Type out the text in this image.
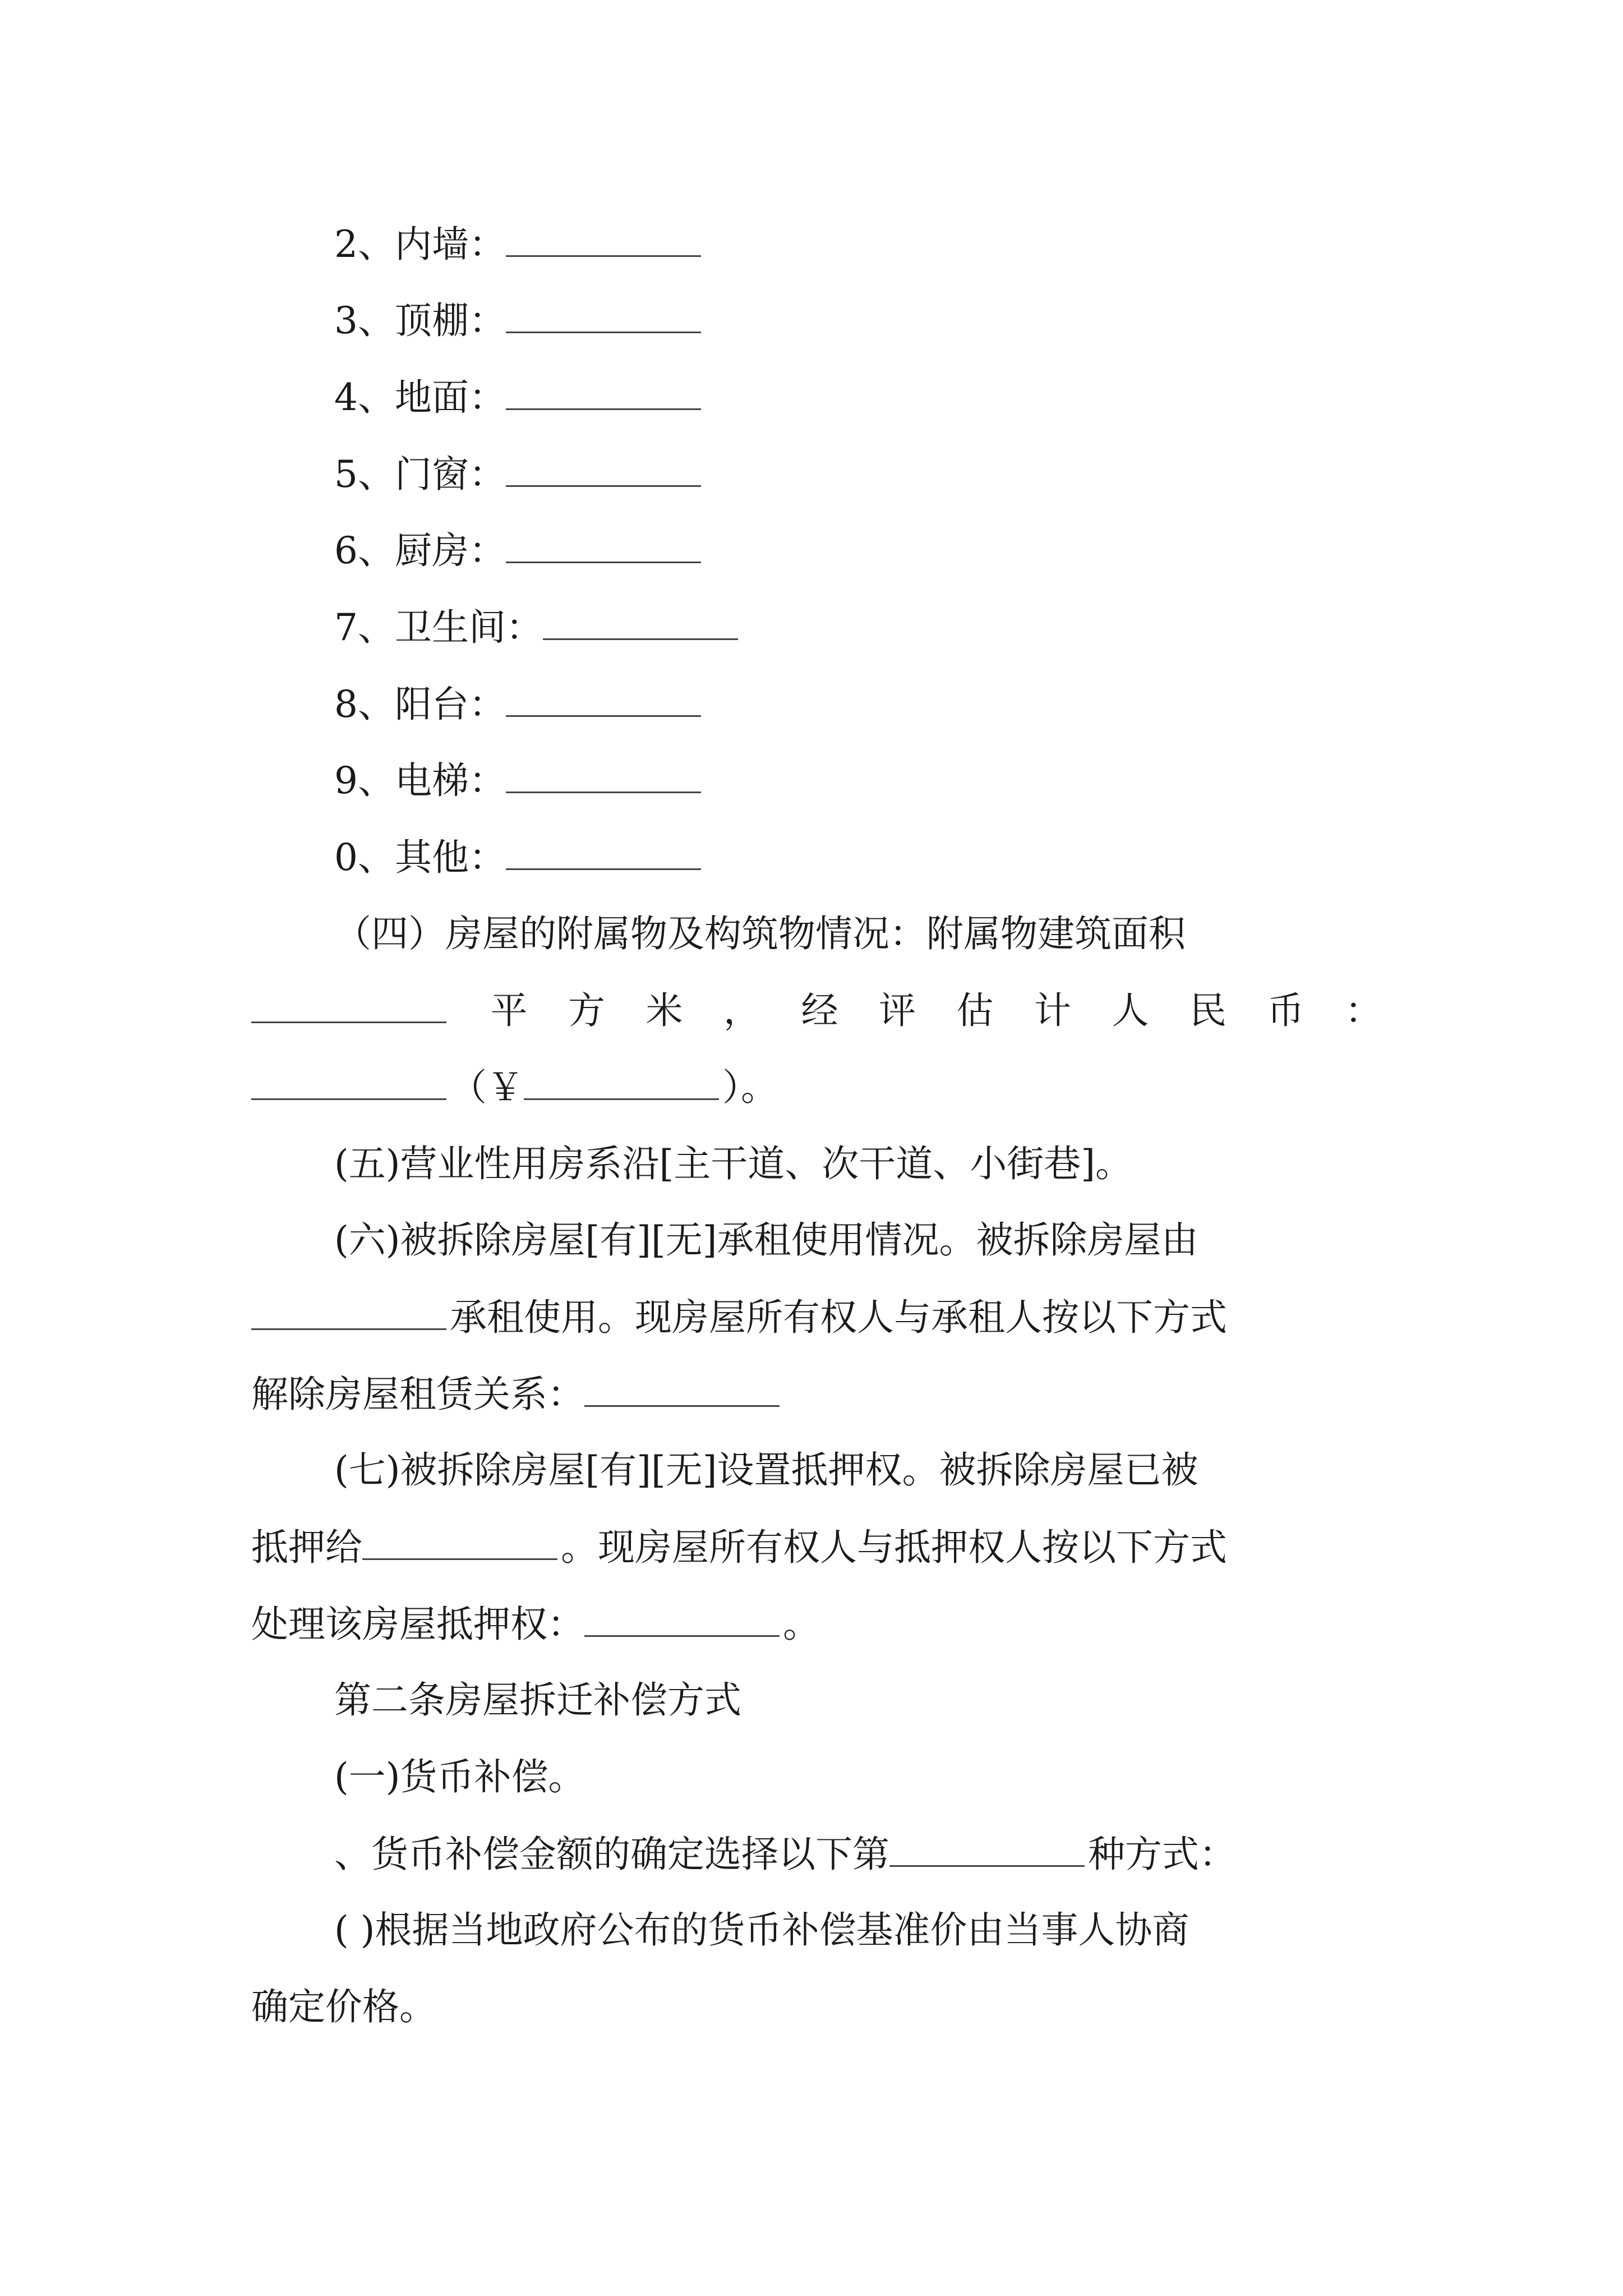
2、内墙：
3、顶棚：
4、地面：
5、门窗：
6、厨房：
7、卫生间：
8、阳台：
9、电梯：
0、其他：
（四）房屋的附属物及构筑物情况：附属物建筑面积
平 方 米 ， 经 评 估 计 人 民 币 ：
（￥	）。
(五)营业性用房系沿[主干道、次干道、小街巷]。
(六)被拆除房屋[有][无]承租使用情况。被拆除房屋由
承租使用。现房屋所有权人与承租人按以下方式
解除房屋租赁关系：
(七)被拆除房屋[有][无]设置抵押权。被拆除房屋已被
抵押给	。现房屋所有权人与抵押权人按以下方式
处理该房屋抵押权：	。
第二条房屋拆迁补偿方式
(一)货币补偿。
、货币补偿金额的确定选择以下第	种方式：
( )根据当地政府公布的货币补偿基准价由当事人协商
确定价格。
